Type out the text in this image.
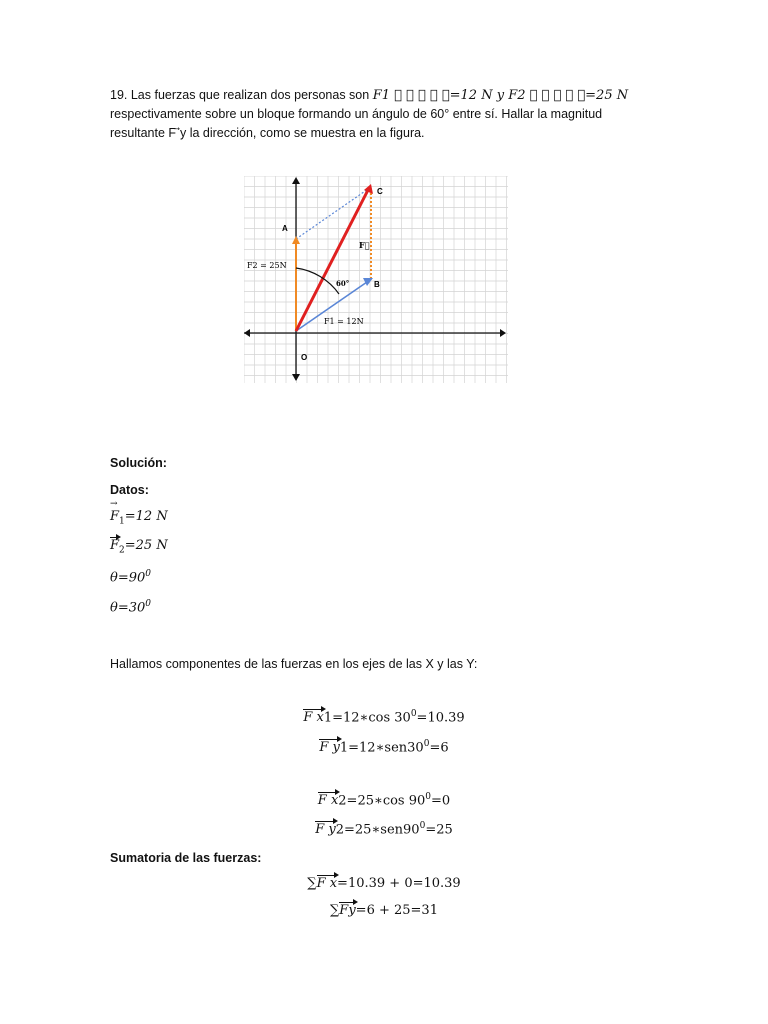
19. Las fuerzas que realizan dos personas son F1 ⃗ ⃗ ⃗ ⃗ ⃗=12 N y F2 ⃗ ⃗ ⃗ ⃗ ⃗=25 N
respectivamente sobre un bloque formando un ángulo de 60° entre sí. Hallar la magnitud
resultante F ⃗y la dirección, como se muestra en la figura.
C
A
B
O
F⃗
F2 = 25N
F1 = 12N
60°
Solución:
Datos:
$F \to_1=12$ N
$F_2=25$ N
$\theta=90^0$
$\theta=30^0$
Hallamos componentes de las fuerzas en los ejes de las X y las Y:
F x1=12∗cos $30^0=10.39$
F $y1=12∗sen30^0=6$
F x2=25∗cos $90^0=0$
F $y2=25∗sen90^0=25$
Sumatoria de las fuerzas:
∑F x=10.39 + 0=10.39
∑Fy=6 + 25=31
